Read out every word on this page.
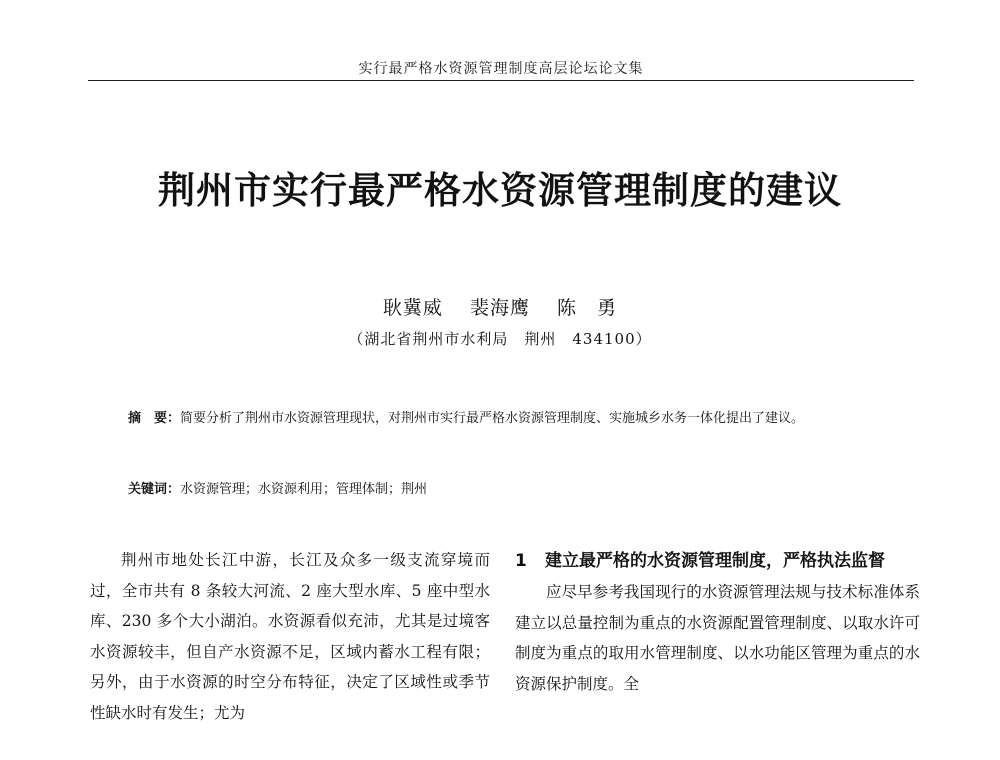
实行最严格水资源管理制度高层论坛论文集
荆州市实行最严格水资源管理制度的建议
耿冀威 裴海鹰 陈　勇
（湖北省荆州市水利局　荆州　434100）
摘　要：简要分析了荆州市水资源管理现状，对荆州市实行最严格水资源管理制度、实施城乡水务一体化提出了建议。
关键词：水资源管理；水资源利用；管理体制；荆州

荆州市地处长江中游，长江及众多一级支流穿境而过，全市共有 8 条较大河流、2 座大型水库、5 座中型水库、230 多个大小湖泊。水资源看似充沛，尤其是过境客水资源较丰，但自产水资源不足，区域内蓄水工程有限；另外，由于水资源的时空分布特征，决定了区域性或季节性缺水时有发生；尤为

1	建立最严格的水资源管理制度，严格执法监督

应尽早参考我国现行的水资源管理法规与技术标准体系建立以总量控制为重点的水资源配置管理制度、以取水许可制度为重点的取用水管理制度、以水功能区管理为重点的水资源保护制度。全
